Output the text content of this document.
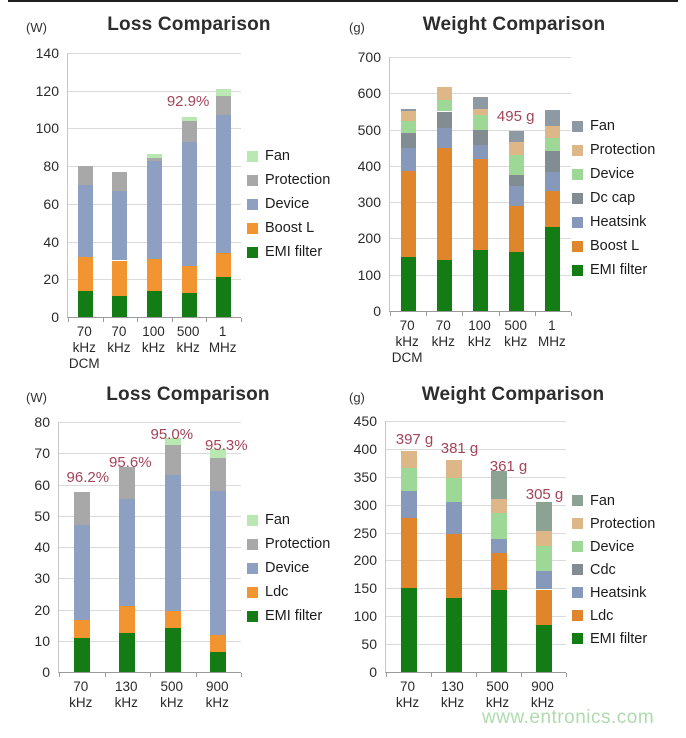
(W)	Loss Comparison
140
120
100
80
60
40
20
0
70
kHz
DCM
70
kHz
100
kHz
500
kHz
1
MHz
92.9%
Fan
Protection
Device
Boost L
EMI filter
(g)	Weight Comparison
700
600
500
400
300
200
100
0
70
kHz
DCM
70
kHz
100
kHz
500
kHz
1
MHz
495 g
Fan
Protection
Device
Dc cap
Heatsink
Boost L
EMI filter
(W)	Loss Comparison
80
70
60
50
40
30
20
10
0
70
kHz
130
kHz
500
kHz
900
kHz
96.2%
95.6%
95.0%
95.3%
Fan
Protection
Device
Ldc
EMI filter
(g)	Weight Comparison
450
400
350
300
250
200
150
100
50
0
70
kHz
130
kHz
500
kHz
900
kHz
397 g
381 g
361 g
305 g Fan
Protection
Device
Cdc
Heatsink
Ldc
EMI filter
www.entronics.com
